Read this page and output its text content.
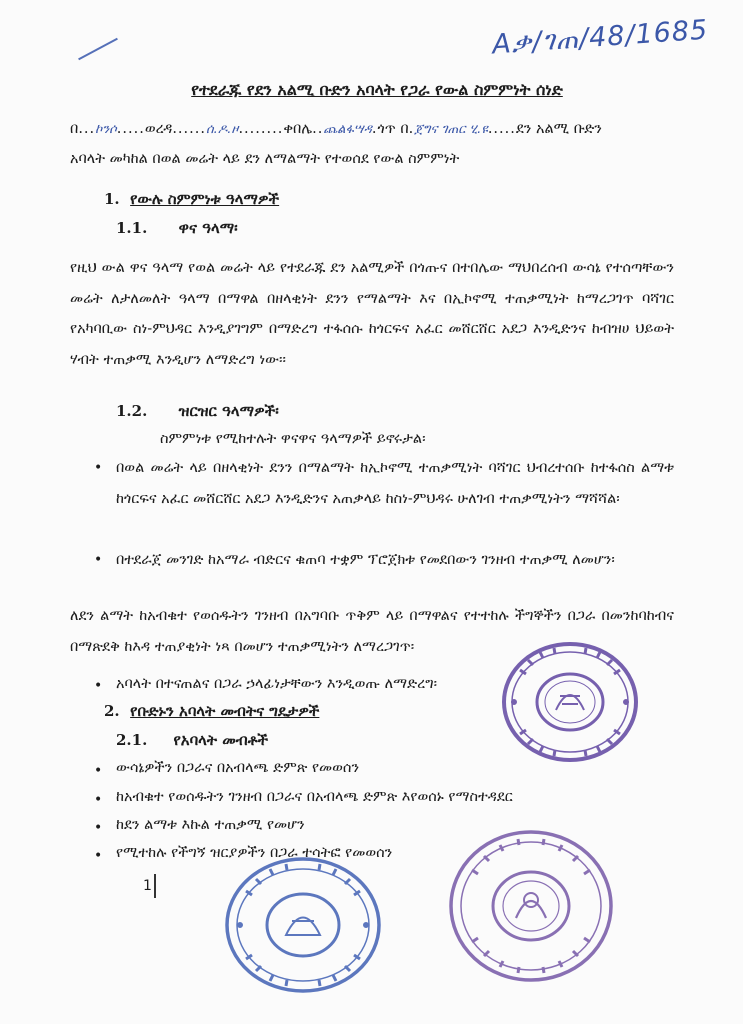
Aቃ/ገጠ/48/1685
የተደራጁ የደን አልሚ ቡድን አባላት የጋራ የውል ስምምነት ሰነድ
በ...ኮንሶ.....ወረዳ......ሰ.ዶ.ዞ........ቀበሌ..ጨልፋሣዳ.ጎጥ በ.ጀግና ገጠር ሂ.ዩ.....ደን አልሚ ቡድን
አባላት መካከል በወል መሬት ላይ ደን ለማልማት የተወሰደ የውል ስምምነት
1. የውሉ ስምምነቱ ዓላማዎች
1.1. ዋና ዓላማ፡
የዚህ ውል ዋና ዓላማ የወል መሬት ላይ የተደራጁ ደን አልሚዎች በጎጡና በተበሌው ማህበረሰብ ውሳኔ የተሰጣቸውን መሬት ለታለመለት ዓላማ በማዋል በዘላቂነት ደንን የማልማት እና በኢኮኖሚ ተጠቃሚነት ከማረጋገጥ ባሻገር የአካባቢው ስነ-ምህዳር እንዲያገግም በማድረግ ተፋሰሱ ከጎርፍና አፈር መሸርሸር አደጋ እንዲድንና ከብዝሀ ህይወት ሃብት ተጠቃሚ እንዲሆን ለማድረግ ነው፡፡
1.2. ዝርዝር ዓላማዎች፡
ስምምነቱ የሚከተሉት ዋናዋና ዓላማዎች ይኖሩታል፡
• በወል መሬት ላይ በዘላቂነት ደንን በማልማት ከኢኮኖሚ ተጠቃሚነት ባሻገር ህብረተሰቡ ከተፋሰስ ልማቱ ከጎርፍና አፈር መሸርሸር አደጋ እንዲድንና አጠቃላይ ከስነ-ምህዳሩ ሁለገብ ተጠቃሚነትን ማሻሻል፡
• በተደራጀ መንገድ ከአማራ ብድርና ቁጠባ ተቋም ፕሮጀክቱ የመደበውን ገንዘብ ተጠቃሚ ለመሆን፡
ለደን ልማት ከአብቁተ የወሰዱትን ገንዘብ በአግባቡ ጥቅም ላይ በማዋልና የተተከሉ ችግኞችን በጋራ በመንከባከብና በማጽደቅ ከእዳ ተጠያቂነት ነጻ በመሆን ተጠቃሚነትን ለማረጋገጥ፡
• አባላት በተናጠልና በጋራ ኃላፊነታቸውን እንዲወጡ ለማድረግ፡
2. የቡድኑን አባላት መብትና ግዴታዎች
2.1. የአባላት መብቶች
• ውሳኔዎችን በጋራና በአብላጫ ድምጽ የመወሰን
• ከአብቁተ የወሰዱትን ገንዘብ በጋራና በአብላጫ ድምጽ እየወሰኑ የማስተዳደር
• ከደን ልማቱ እኩል ተጠቃሚ የመሆን
• የሚተከሉ የችግኝ ዝርያዎችን በጋራ ተሳትፎ የመወሰን
1
